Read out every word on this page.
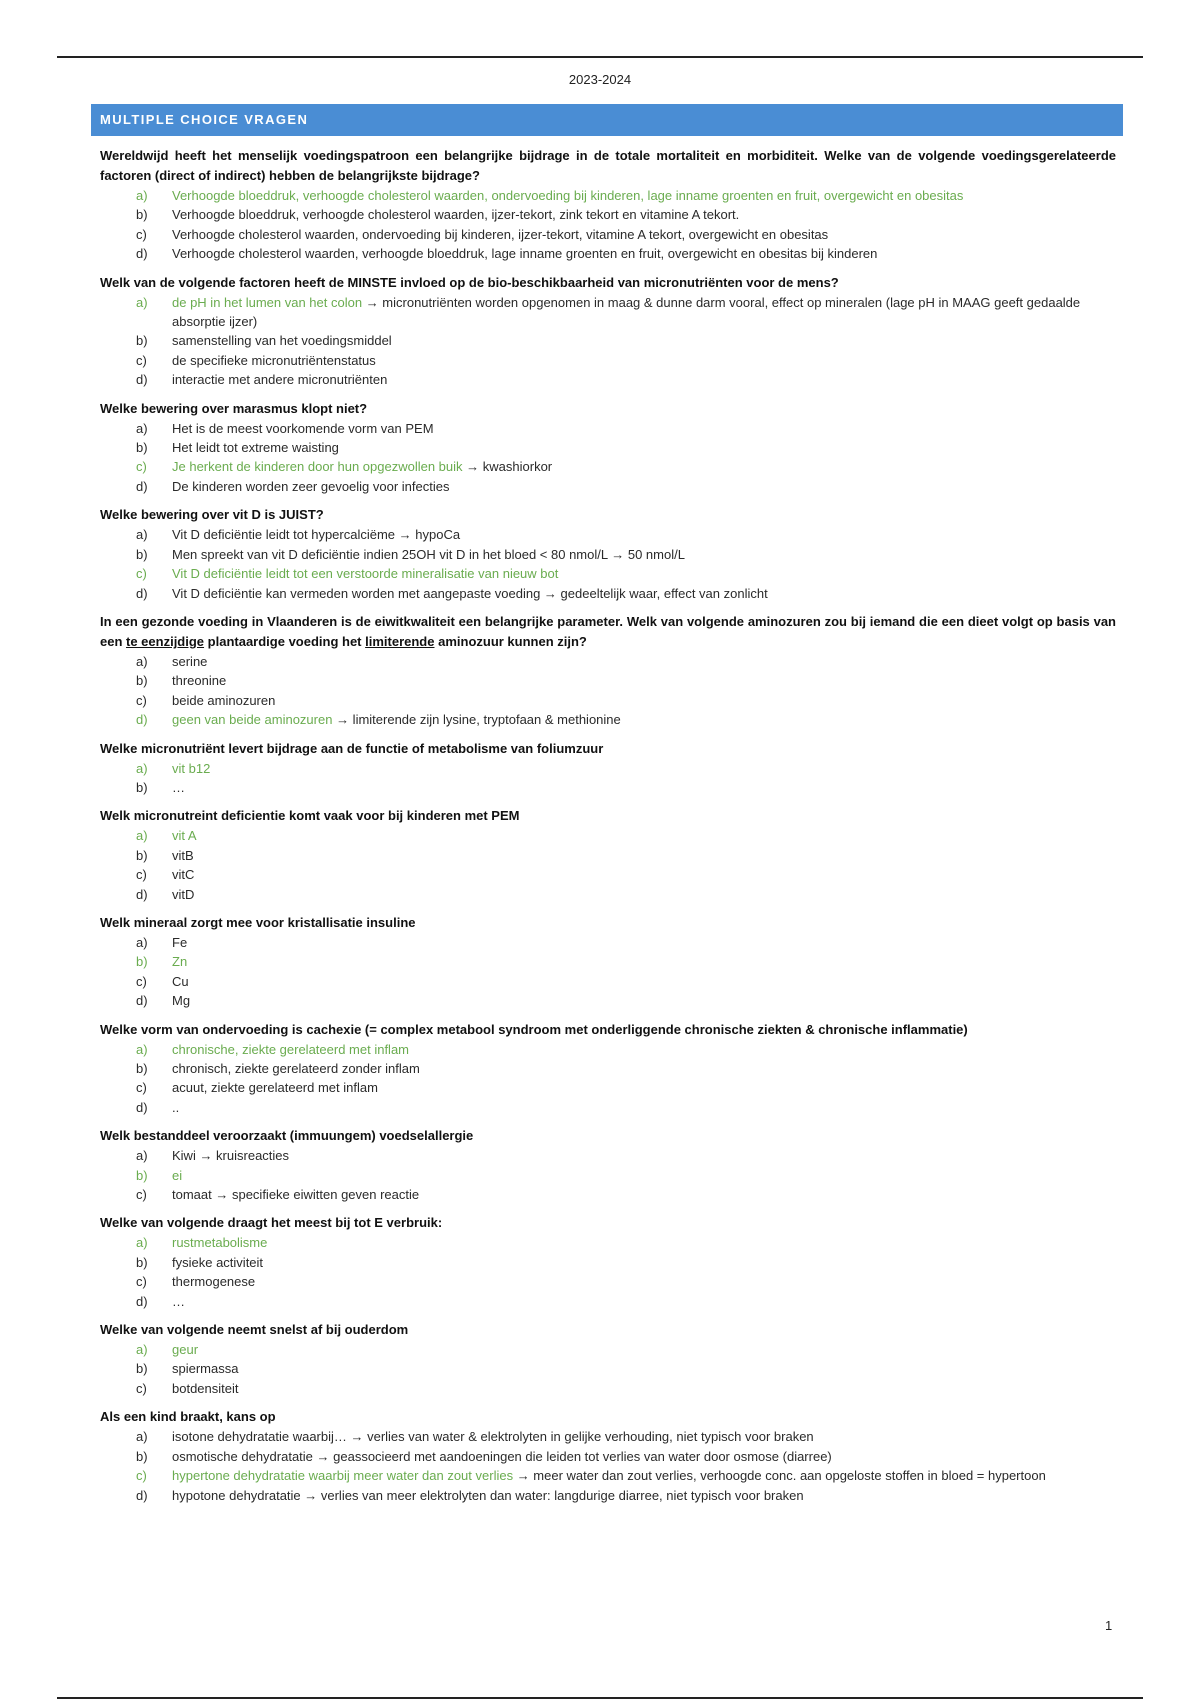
2023-2024
MULTIPLE CHOICE VRAGEN

Wereldwijd heeft het menselijk voedingspatroon een belangrijke bijdrage in de totale mortaliteit en morbiditeit. Welke van de volgende voedingsgerelateerde factoren (direct of indirect) hebben de belangrijkste bijdrage?

a)	Verhoogde bloeddruk, verhoogde cholesterol waarden, ondervoeding bij kinderen, lage inname groenten en fruit, overgewicht en obesitas
b)	Verhoogde bloeddruk, verhoogde cholesterol waarden, ijzer-tekort, zink tekort en vitamine A tekort.
c)	Verhoogde cholesterol waarden, ondervoeding bij kinderen, ijzer-tekort, vitamine A tekort, overgewicht en obesitas
d)	Verhoogde cholesterol waarden, verhoogde bloeddruk, lage inname groenten en fruit, overgewicht en obesitas bij kinderen

Welk van de volgende factoren heeft de MINSTE invloed op de bio-beschikbaarheid van micronutriënten voor de mens?

a)	de pH in het lumen van het colon → micronutriënten worden opgenomen in maag & dunne darm vooral, effect op mineralen (lage pH in MAAG geeft gedaalde absorptie ijzer)
b)	samenstelling van het voedingsmiddel
c)	de specifieke micronutriëntenstatus
d)	interactie met andere micronutriënten

Welke bewering over marasmus klopt niet?

a)	Het is de meest voorkomende vorm van PEM
b)	Het leidt tot extreme waisting
c)	Je herkent de kinderen door hun opgezwollen buik → kwashiorkor
d)	De kinderen worden zeer gevoelig voor infecties

Welke bewering over vit D is JUIST?

a)	Vit D deficiëntie leidt tot hypercalciëme → hypoCa
b)	Men spreekt van vit D deficiëntie indien 25OH vit D in het bloed < 80 nmol/L → 50 nmol/L
c)	Vit D deficiëntie leidt tot een verstoorde mineralisatie van nieuw bot
d)	Vit D deficiëntie kan vermeden worden met aangepaste voeding → gedeeltelijk waar, effect van zonlicht

In een gezonde voeding in Vlaanderen is de eiwitkwaliteit een belangrijke parameter. Welk van volgende aminozuren zou bij iemand die een dieet volgt op basis van een te eenzijdige plantaardige voeding het limiterende aminozuur kunnen zijn?

a)	serine
b)	threonine
c)	beide aminozuren
d)	geen van beide aminozuren → limiterende zijn lysine, tryptofaan & methionine

Welke micronutriënt levert bijdrage aan de functie of metabolisme van foliumzuur

a)	vit b12
b)	…

Welk micronutreint deficientie komt vaak voor bij kinderen met PEM

a)	vit A
b)	vitB
c)	vitC
d)	vitD

Welk mineraal zorgt mee voor kristallisatie insuline

a)	Fe
b)	Zn
c)	Cu
d)	Mg

Welke vorm van ondervoeding is cachexie (= complex metabool syndroom met onderliggende chronische ziekten & chronische inflammatie)

a)	chronische, ziekte gerelateerd met inflam
b)	chronisch, ziekte gerelateerd zonder inflam
c)	acuut, ziekte gerelateerd met inflam
d)	..

Welk bestanddeel veroorzaakt (immuungem) voedselallergie

a)	Kiwi → kruisreacties
b)	ei
c)	tomaat → specifieke eiwitten geven reactie

Welke van volgende draagt het meest bij tot E verbruik:

a)	rustmetabolisme
b)	fysieke activiteit
c)	thermogenese
d)	…

Welke van volgende neemt snelst af bij ouderdom

a)	geur
b)	spiermassa
c)	botdensiteit

Als een kind braakt, kans op

a)	isotone dehydratatie waarbij… → verlies van water & elektrolyten in gelijke verhouding, niet typisch voor braken
b)	osmotische dehydratatie → geassocieerd met aandoeningen die leiden tot verlies van water door osmose (diarree)
c)	hypertone dehydratatie waarbij meer water dan zout verlies → meer water dan zout verlies, verhoogde conc. aan opgeloste stoffen in bloed = hypertoon
d)	hypotone dehydratatie → verlies van meer elektrolyten dan water: langdurige diarree, niet typisch voor braken
1
